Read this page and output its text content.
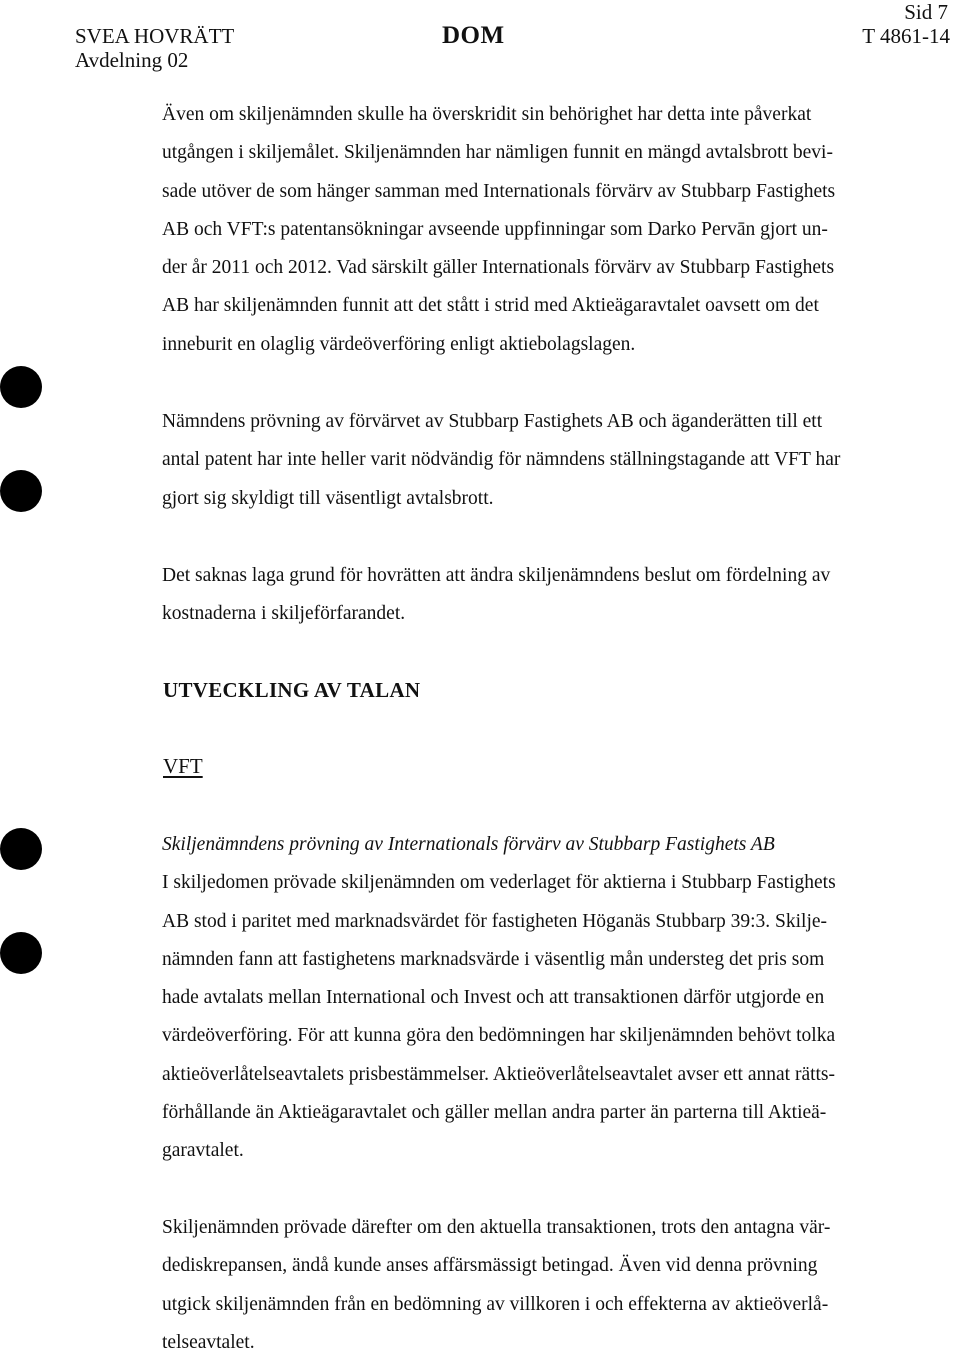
Sid 7
SVEA HOVRÄTT
Avdelning 02
DOM	T 4861-14
Även om skiljenämnden skulle ha överskridit sin behörighet har detta inte påverkat
utgången i skiljemålet. Skiljenämnden har nämligen funnit en mängd avtalsbrott bevi-
sade utöver de som hänger samman med Internationals förvärv av Stubbarp Fastighets
AB och VFT:s patentansökningar avseende uppfinningar som Darko Pervān gjort un-
der år 2011 och 2012. Vad särskilt gäller Internationals förvärv av Stubbarp Fastighets
AB har skiljenämnden funnit att det stått i strid med Aktieägaravtalet oavsett om det
inneburit en olaglig värdeöverföring enligt aktiebolagslagen.
Nämndens prövning av förvärvet av Stubbarp Fastighets AB och äganderätten till ett
antal patent har inte heller varit nödvändig för nämndens ställningstagande att VFT har
gjort sig skyldigt till väsentligt avtalsbrott.
Det saknas laga grund för hovrätten att ändra skiljenämndens beslut om fördelning av
kostnaderna i skiljeförfarandet.
UTVECKLING AV TALAN
VFT
Skiljenämndens prövning av Internationals förvärv av Stubbarp Fastighets AB
I skiljedomen prövade skiljenämnden om vederlaget för aktierna i Stubbarp Fastighets
AB stod i paritet med marknadsvärdet för fastigheten Höganäs Stubbarp 39:3. Skilje-
nämnden fann att fastighetens marknadsvärde i väsentlig mån understeg det pris som
hade avtalats mellan International och Invest och att transaktionen därför utgjorde en
värdeöverföring. För att kunna göra den bedömningen har skiljenämnden behövt tolka
aktieöverlåtelseavtalets prisbestämmelser. Aktieöverlåtelseavtalet avser ett annat rätts-
förhållande än Aktieägaravtalet och gäller mellan andra parter än parterna till Aktieä-
garavtalet.
Skiljenämnden prövade därefter om den aktuella transaktionen, trots den antagna vär-
dediskrepansen, ändå kunde anses affärsmässigt betingad. Även vid denna prövning
utgick skiljenämnden från en bedömning av villkoren i och effekterna av aktieöverlå-
telseavtalet.
